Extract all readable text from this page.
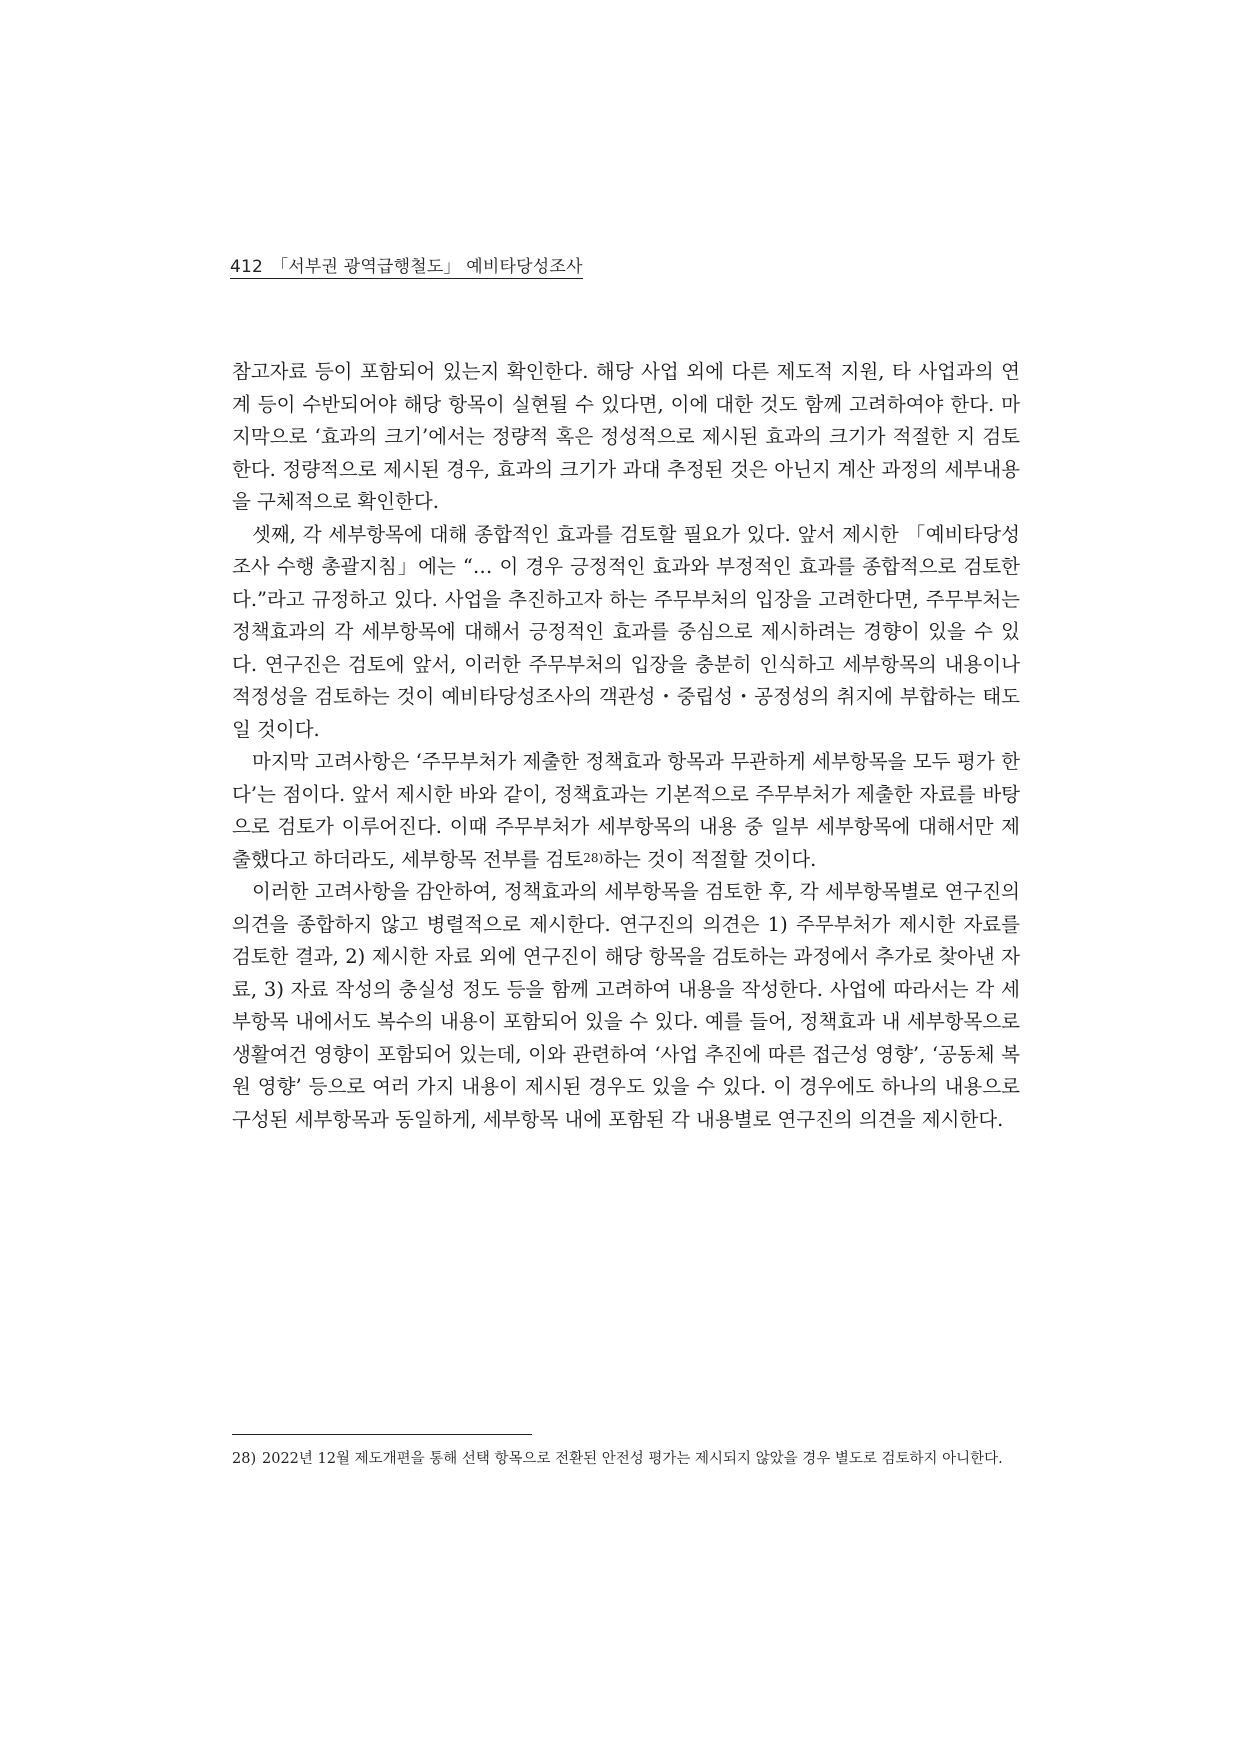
412 「서부권 광역급행철도」 예비타당성조사

참고자료 등이 포함되어 있는지 확인한다. 해당 사업 외에 다른 제도적 지원, 타 사업과의 연계 등이 수반되어야 해당 항목이 실현될 수 있다면, 이에 대한 것도 함께 고려하여야 한다. 마지막으로 ‘효과의 크기’에서는 정량적 혹은 정성적으로 제시된 효과의 크기가 적절한 지 검토한다. 정량적으로 제시된 경우, 효과의 크기가 과대 추정된 것은 아닌지 계산 과정의 세부내용을 구체적으로 확인한다.

셋째, 각 세부항목에 대해 종합적인 효과를 검토할 필요가 있다. 앞서 제시한 「예비타당성조사 수행 총괄지침」에는 “… 이 경우 긍정적인 효과와 부정적인 효과를 종합적으로 검토한다.”라고 규정하고 있다. 사업을 추진하고자 하는 주무부처의 입장을 고려한다면, 주무부처는 정책효과의 각 세부항목에 대해서 긍정적인 효과를 중심으로 제시하려는 경향이 있을 수 있다. 연구진은 검토에 앞서, 이러한 주무부처의 입장을 충분히 인식하고 세부항목의 내용이나 적정성을 검토하는 것이 예비타당성조사의 객관성・중립성・공정성의 취지에 부합하는 태도일 것이다.

마지막 고려사항은 ‘주무부처가 제출한 정책효과 항목과 무관하게 세부항목을 모두 평가 한다’는 점이다. 앞서 제시한 바와 같이, 정책효과는 기본적으로 주무부처가 제출한 자료를 바탕으로 검토가 이루어진다. 이때 주무부처가 세부항목의 내용 중 일부 세부항목에 대해서만 제출했다고 하더라도, 세부항목 전부를 검토$^{28)}$하는 것이 적절할 것이다.

이러한 고려사항을 감안하여, 정책효과의 세부항목을 검토한 후, 각 세부항목별로 연구진의 의견을 종합하지 않고 병렬적으로 제시한다. 연구진의 의견은 1) 주무부처가 제시한 자료를 검토한 결과, 2) 제시한 자료 외에 연구진이 해당 항목을 검토하는 과정에서 추가로 찾아낸 자료, 3) 자료 작성의 충실성 정도 등을 함께 고려하여 내용을 작성한다. 사업에 따라서는 각 세부항목 내에서도 복수의 내용이 포함되어 있을 수 있다. 예를 들어, 정책효과 내 세부항목으로 생활여건 영향이 포함되어 있는데, 이와 관련하여 ‘사업 추진에 따른 접근성 영향’, ‘공동체 복원 영향’ 등으로 여러 가지 내용이 제시된 경우도 있을 수 있다. 이 경우에도 하나의 내용으로 구성된 세부항목과 동일하게, 세부항목 내에 포함된 각 내용별로 연구진의 의견을 제시한다.

28) 2022년 12월 제도개편을 통해 선택 항목으로 전환된 안전성 평가는 제시되지 않았을 경우 별도로 검토하지 아니한다.
